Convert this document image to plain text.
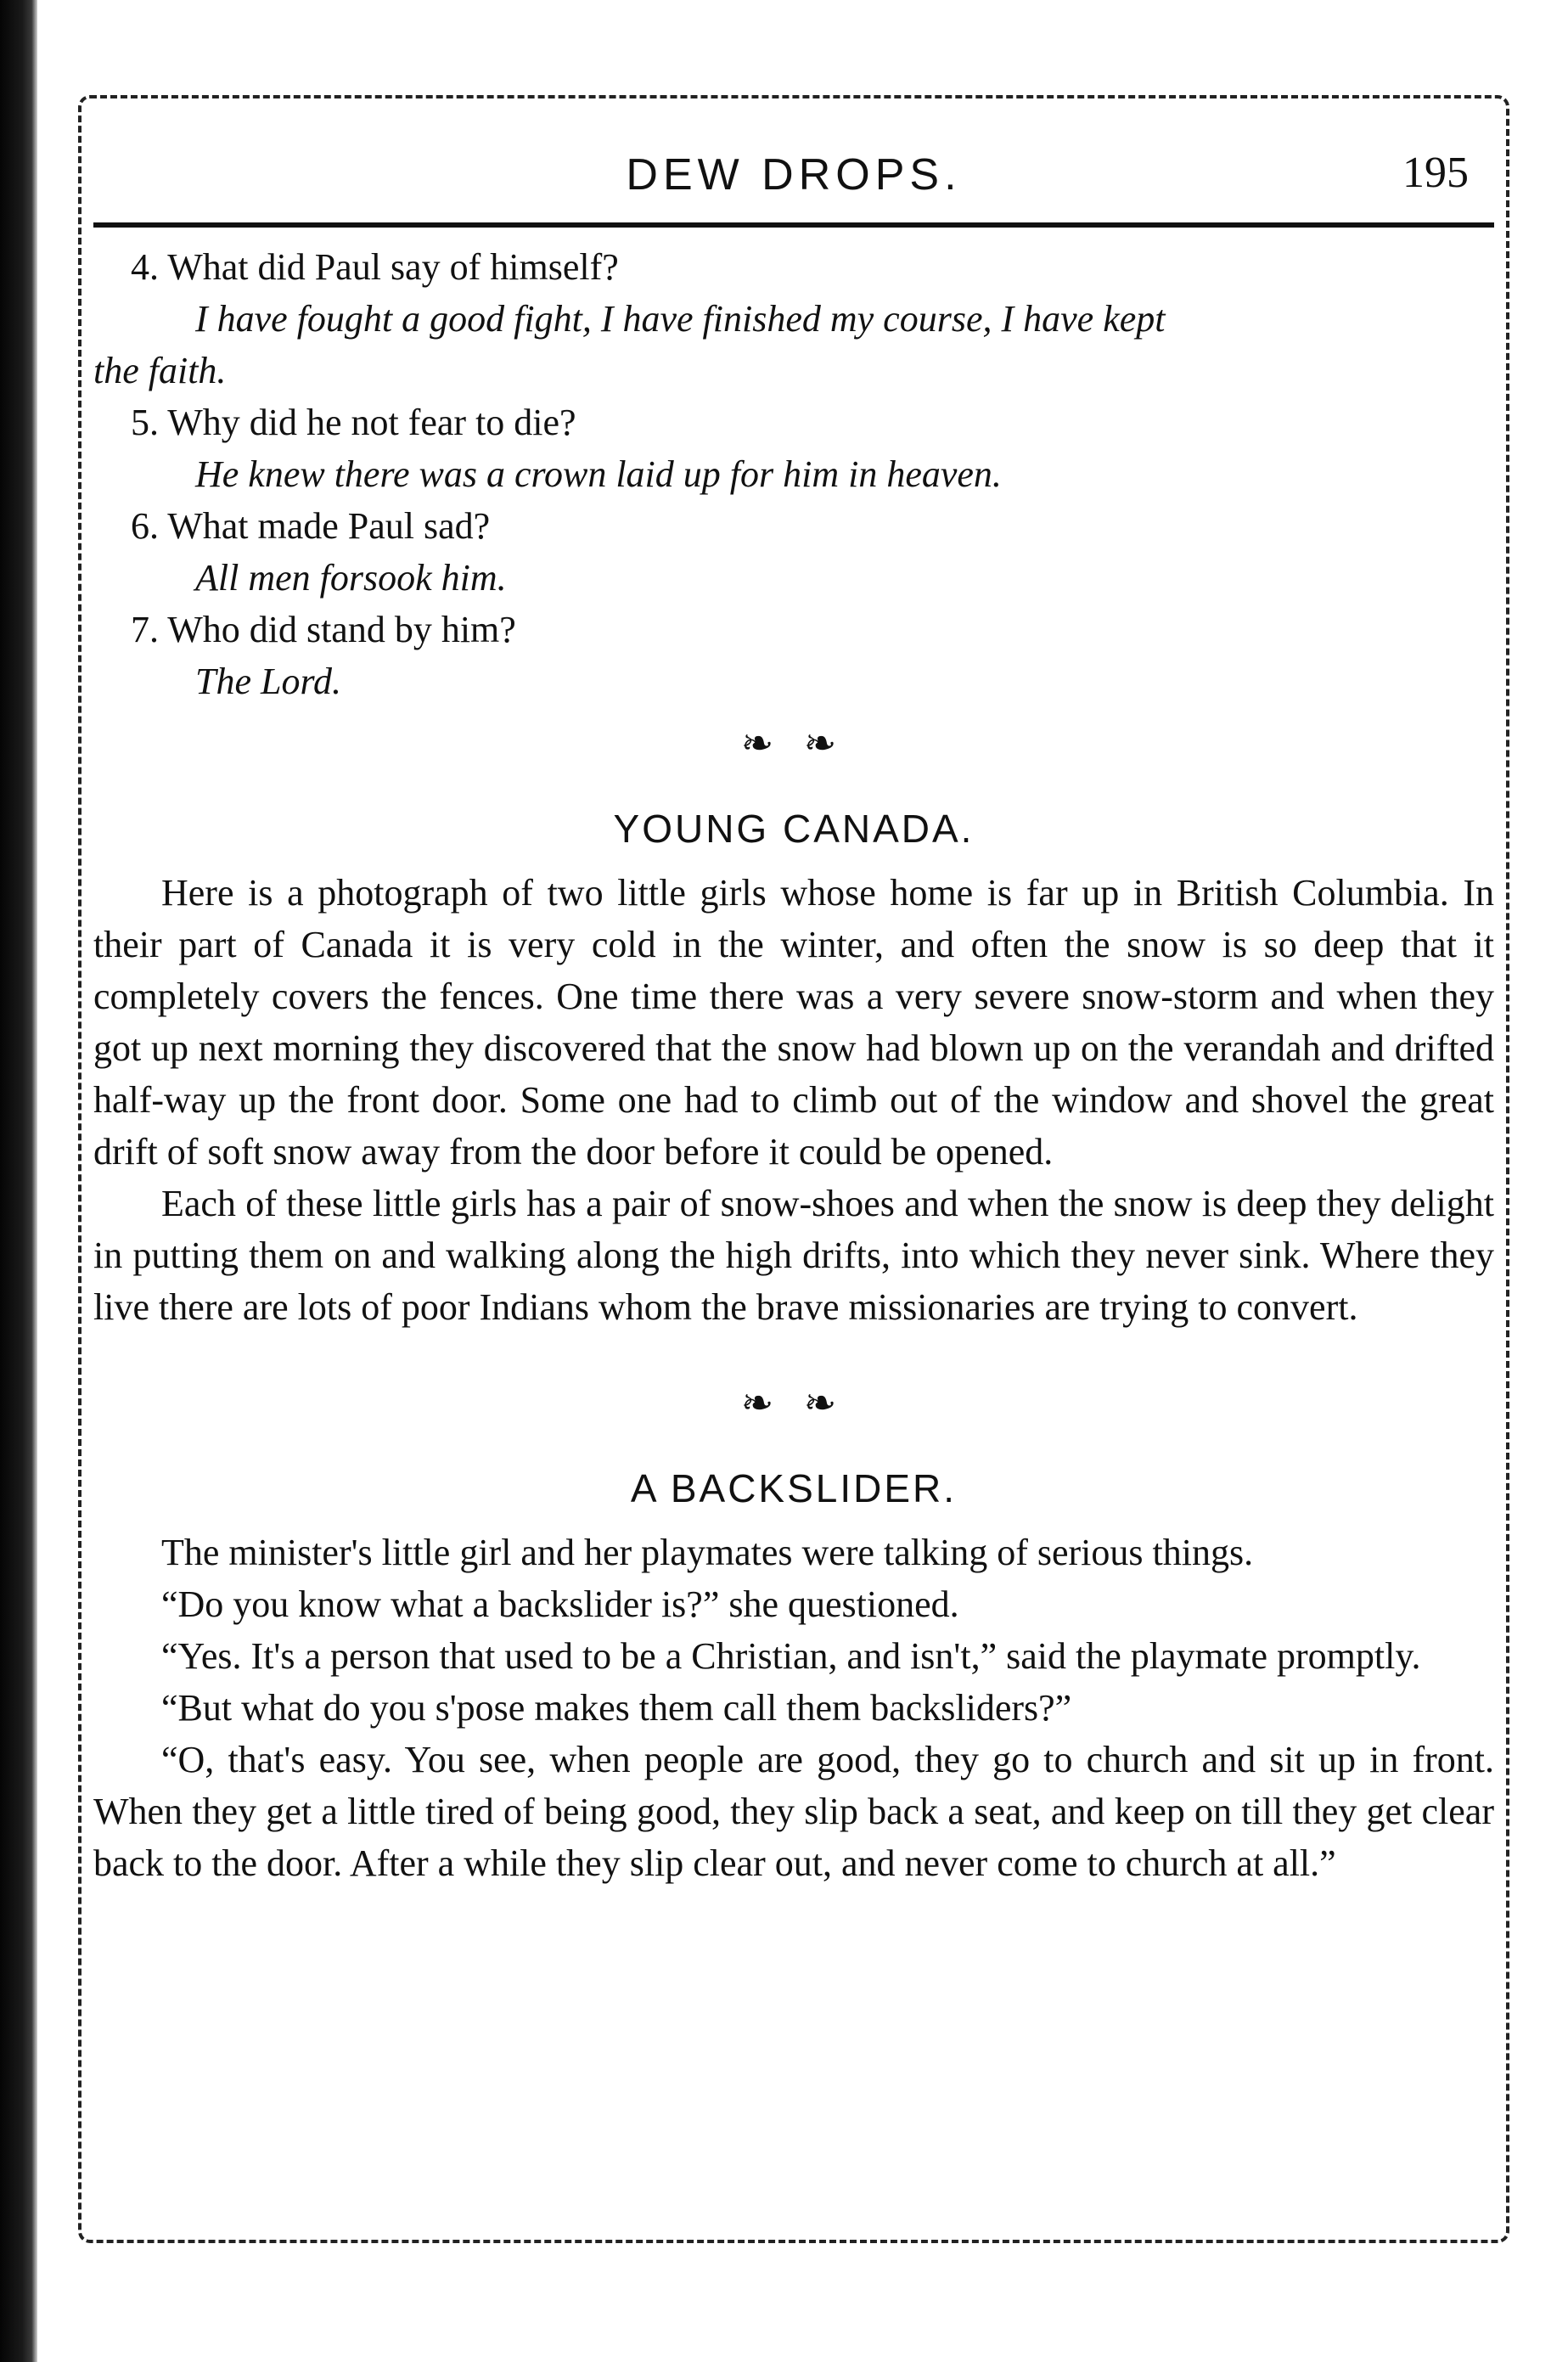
DEW DROPS.	195
4. What did Paul say of himself?
I have fought a good fight, I have finished my course, I have kept
the faith.
5. Why did he not fear to die?
He knew there was a crown laid up for him in heaven.
6. What made Paul sad?
All men forsook him.
7. Who did stand by him?
The Lord.
❧ ❧
YOUNG CANADA.

Here is a photograph of two little girls whose home is far up in British Columbia. In their part of Canada it is very cold in the winter, and often the snow is so deep that it completely covers the fences. One time there was a very severe snow-storm and when they got up next morning they discovered that the snow had blown up on the verandah and drifted half-way up the front door. Some one had to climb out of the window and shovel the great drift of soft snow away from the door before it could be opened.

Each of these little girls has a pair of snow-shoes and when the snow is deep they delight in putting them on and walking along the high drifts, into which they never sink. Where they live there are lots of poor Indians whom the brave missionaries are trying to convert.

❧ ❧
A BACKSLIDER.

The minister's little girl and her playmates were talking of serious things.

“Do you know what a backslider is?” she questioned.

“Yes. It's a person that used to be a Christian, and isn't,” said the playmate promptly.

“But what do you s'pose makes them call them backsliders?”

“O, that's easy. You see, when people are good, they go to church and sit up in front. When they get a little tired of being good, they slip back a seat, and keep on till they get clear back to the door. After a while they slip clear out, and never come to church at all.”
